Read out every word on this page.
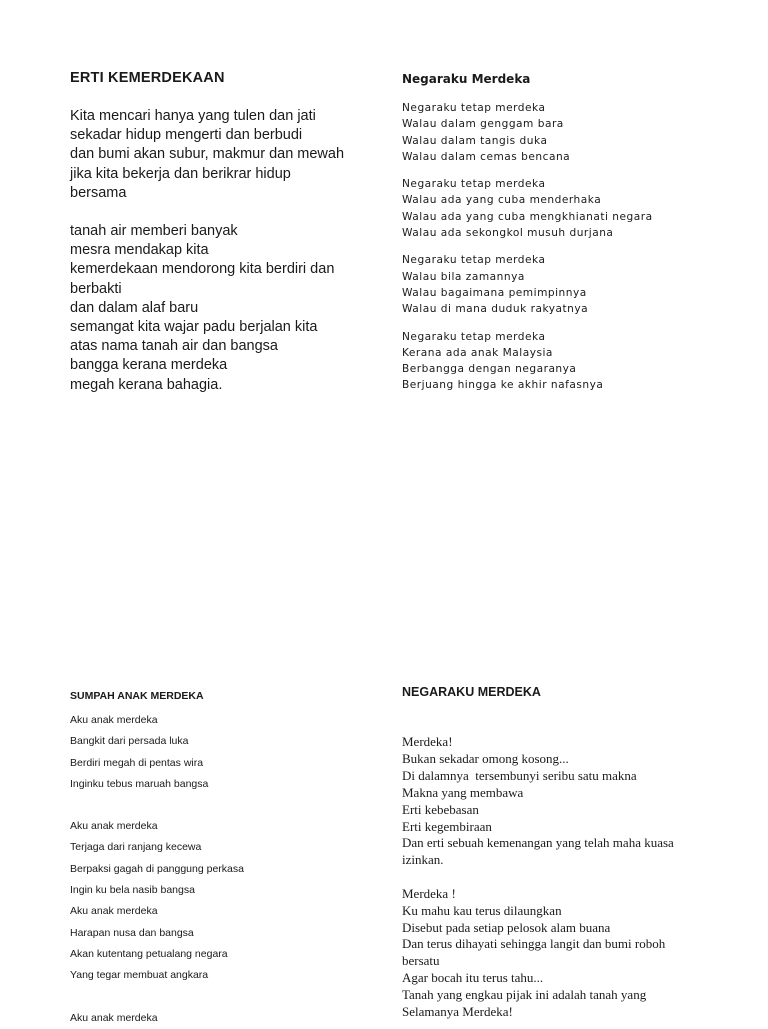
ERTI KEMERDEKAAN
Kita mencari hanya yang tulen dan jati
sekadar hidup mengerti dan berbudi
dan bumi akan subur, makmur dan mewah
jika kita bekerja dan berikrar hidup
bersama
tanah air memberi banyak
mesra mendakap kita
kemerdekaan mendorong kita berdiri dan
berbakti
dan dalam alaf baru
semangat kita wajar padu berjalan kita
atas nama tanah air dan bangsa
bangga kerana merdeka
megah kerana bahagia.
Negaraku Merdeka
Negaraku tetap merdeka
Walau dalam genggam bara
Walau dalam tangis duka
Walau dalam cemas bencana
Negaraku tetap merdeka
Walau ada yang cuba menderhaka
Walau ada yang cuba mengkhianati negara
Walau ada sekongkol musuh durjana
Negaraku tetap merdeka
Walau bila zamannya
Walau bagaimana pemimpinnya
Walau di mana duduk rakyatnya
Negaraku tetap merdeka
Kerana ada anak Malaysia
Berbangga dengan negaranya
Berjuang hingga ke akhir nafasnya
SUMPAH ANAK MERDEKA
Aku anak merdeka
Bangkit dari persada luka
Berdiri megah di pentas wira
Inginku tebus maruah bangsa
Aku anak merdeka
Terjaga dari ranjang kecewa
Berpaksi gagah di panggung perkasa
Ingin ku bela nasib bangsa
Aku anak merdeka
Harapan nusa dan bangsa
Akan kutentang petualang negara
Yang tegar membuat angkara
Aku anak merdeka
NEGARAKU MERDEKA
Merdeka!
Bukan sekadar omong kosong...
Di dalamnya  tersembunyi seribu satu makna
Makna yang membawa
Erti kebebasan
Erti kegembiraan
Dan erti sebuah kemenangan yang telah maha kuasa
izinkan.
Merdeka !
Ku mahu kau terus dilaungkan
Disebut pada setiap pelosok alam buana
Dan terus dihayati sehingga langit dan bumi roboh
bersatu
Agar bocah itu terus tahu...
Tanah yang engkau pijak ini adalah tanah yang
Selamanya Merdeka!
